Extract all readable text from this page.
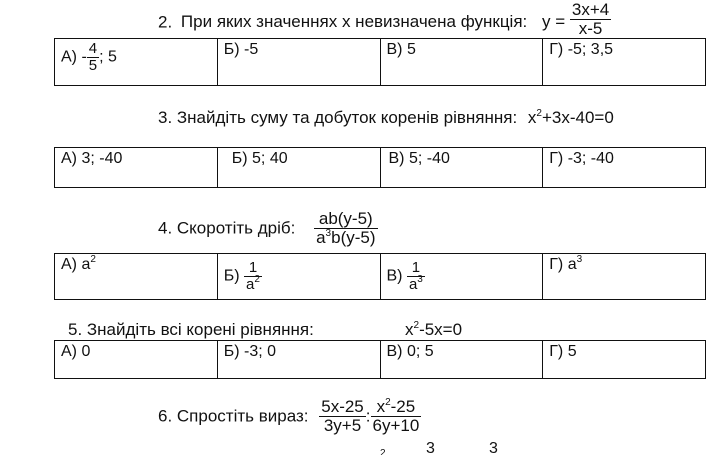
2. При яких значеннях x невизначена функція: $y = \frac{3x+4}{x-5}$
$А) - \frac{4}{5}$ ; 5	Б) -5	В) 5	Г) -5; 3,5
3. Знайдіть суму та добуток коренів рівняння: $x^2+3x-40=0$
А) 3; -40	Б) 5; 40	В) 5; -40	Г) -3; -40
4. Скоротіть дріб: $\frac{ab(y-5)}{a^3b(y-5)}$
А) $a^2$	$Б) \frac{1}{a^2}$	$В) \frac{1}{a^3}$	Г) $a^3$
5. Знайдіть всі корені рівняння:	$x^2-5x=0$
А) 0	Б) -3; 0	В) 0; 5	Г) 5
6. Спростіть вираз: $\frac{5x-25}{3y+5}$ : $\frac{x^2-25}{6y+10}$
2	3	3
